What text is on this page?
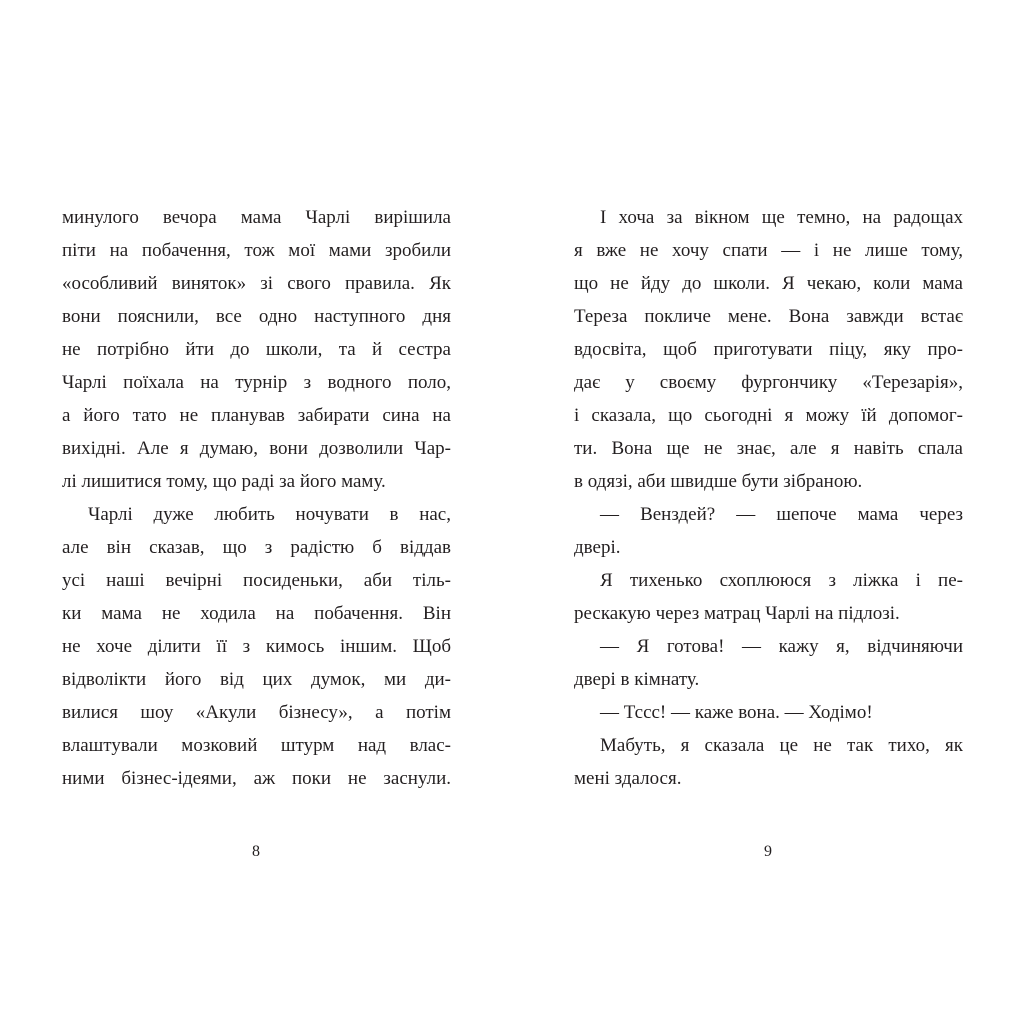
минулого вечора мама Чарлі вирішила

піти на побачення, тож мої мами зробили

«особливий виняток» зі свого правила. Як

вони пояснили, все одно наступного дня

не потрібно йти до школи, та й сестра

Чарлі поїхала на турнір з водного поло,

а його тато не планував забирати сина на

вихідні. Але я думаю, вони дозволили Чар-

лі лишитися тому, що раді за його маму.

Чарлі дуже любить ночувати в нас,

але він сказав, що з радістю б віддав

усі наші вечірні посиденьки, аби тіль-

ки мама не ходила на побачення. Він

не хоче ділити її з кимось іншим. Щоб

відволікти його від цих думок, ми ди-

вилися шоу «Акули бізнесу», а потім

влаштували мозковий штурм над влас-

ними бізнес-ідеями, аж поки не заснули.

І хоча за вікном ще темно, на радощах

я вже не хочу спати — і не лише тому,

що не йду до школи. Я чекаю, коли мама

Тереза покличе мене. Вона завжди встає

вдосвіта, щоб приготувати піцу, яку про-

дає у своєму фургончику «Терезарія»,

і сказала, що сьогодні я можу їй допомог-

ти. Вона ще не знає, але я навіть спала

в одязі, аби швидше бути зібраною.

— Венздей? — шепоче мама через

двері.

Я тихенько схоплююся з ліжка і пе-

рескакую через матрац Чарлі на підлозі.

— Я готова! — кажу я, відчиняючи

двері в кімнату.

— Тссс! — каже вона. — Ходімо!

Мабуть, я сказала це не так тихо, як

мені здалося.

8	9
